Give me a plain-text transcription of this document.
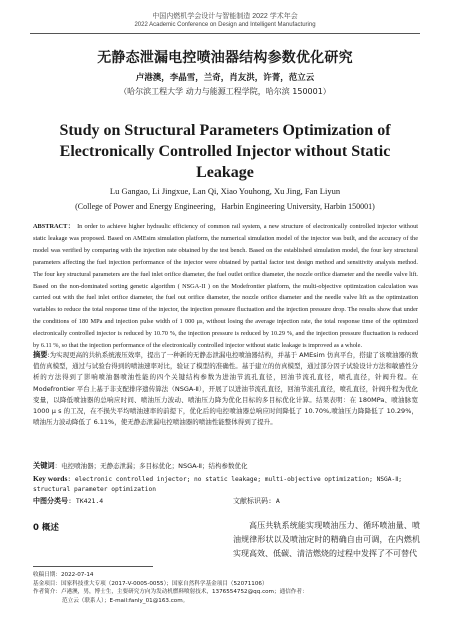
中国内燃机学会设计与智能制造 2022 学术年会
2022 Academic Conference on Design and Intelligent Manufacturing
无静态泄漏电控喷油器结构参数优化研究
卢港澳，李晶雪，兰奇，肖友洪，许菁，范立云
（哈尔滨工程大学 动力与能源工程学院，哈尔滨 150001）
Study on Structural Parameters Optimization of Electronically Controlled Injector without Static Leakage
Lu Gangao, Li Jingxue, Lan Qi, Xiao Youhong, Xu Jing, Fan Liyun
(College of Power and Energy Engineering，Harbin Engineering University, Harbin 150001)
ABSTRACT： In order to achieve higher hydraulic efficiency of common rail system, a new structure of electronically controlled injector without static leakage was proposed. Based on AMEsim simulation platform, the numerical simulation model of the injector was built, and the accuracy of the model was verified by comparing with the injection rate obtained by the test bench. Based on the established simulation model, the four key structural parameters affecting the fuel injection performance of the injector were obtained by partial factor test design method and sensitivity analysis method. The four key structural parameters are the fuel inlet orifice diameter, the fuel outlet orifice diameter, the nozzle orifice diameter and the needle valve lift. Based on the non-dominated sorting genetic algorithm ( NSGA-II ) on the Modefrontier platform, the multi-objective optimization calculation was carried out with the fuel inlet orifice diameter, the fuel out orifice diameter, the nozzle orifice diameter and the needle valve lift as the optimization variables to reduce the total response time of the injector, the injection pressure fluctuation and the injection pressure drop. The results show that under the conditions of 180 MPa and injection pulse width of 1 000 μs, without losing the average injection rate, the total response time of the optimized electronically controlled injector is reduced by 10.70 %, the injection pressure is reduced by 10.29 %, and the injection pressure fluctuation is reduced by 6.11 %, so that the injection performance of the electronically controlled injector without static leakage is improved as a whole.
摘要:为实现更高的共轨系统液压效率，提出了一种新的无静态泄漏电控喷油器结构，并基于 AMEsim 仿真平台，搭建了该喷油器的数值仿真模型，通过与试验台得到的喷油速率对比，验证了模型的准确性。基于建立的仿真模型，通过部分因子试验设计方法和敏感性分析的方法得到了影响喷油器喷油性能的四个关键结构参数为进油节流孔直径，回油节流孔直径，喷孔直径，针阀升程。在 Modefrontier 平台上基于非支配排序遗传算法（NSGA-Ⅱ），开展了以进油节流孔直径，回油节流孔直径，喷孔直径，针阀升程为优化变量，以降低喷油器的总响应时间、喷油压力波动、喷油压力降为优化目标的多目标优化计算。结果表明：在 180MPa、喷油脉宽 1000 μ s 的工况，在不损失平均喷油速率的前提下，优化后的电控喷油器总响应时间降低了 10.70%,喷油压力降降低了 10.29%，喷油压力波动降低了 6.11%，使无静态泄漏电控喷油器的喷油性能整体得到了提升。
关键词：电控喷油器；无静态泄漏；多目标优化；NSGA-Ⅱ；结构参数优化
Key words: electronic controlled injector; no static leakage; multi-objective optimization; NSGA-Ⅱ; structural parameter optimization
中图分类号: TK421.4	文献标识码: A
0 概述	高压共轨系统能实现喷油压力、循环喷油量、喷油规律形状以及喷油定时的精确自由可调，在内燃机实现高效、低碳、清洁燃烧的过程中发挥了不可替代
收稿日期：2022-07-14
基金项目：国家科技重大专项（2017-V-0005-0055）；国家自然科学基金项目（52071106）
作者简介：卢港澳，男，博士生，主要研究方向为发动机燃料喷射技术，13765547​52@qq.com；通信作者：
范立云（联系人）；E-mail:fanly_01@163.com。
